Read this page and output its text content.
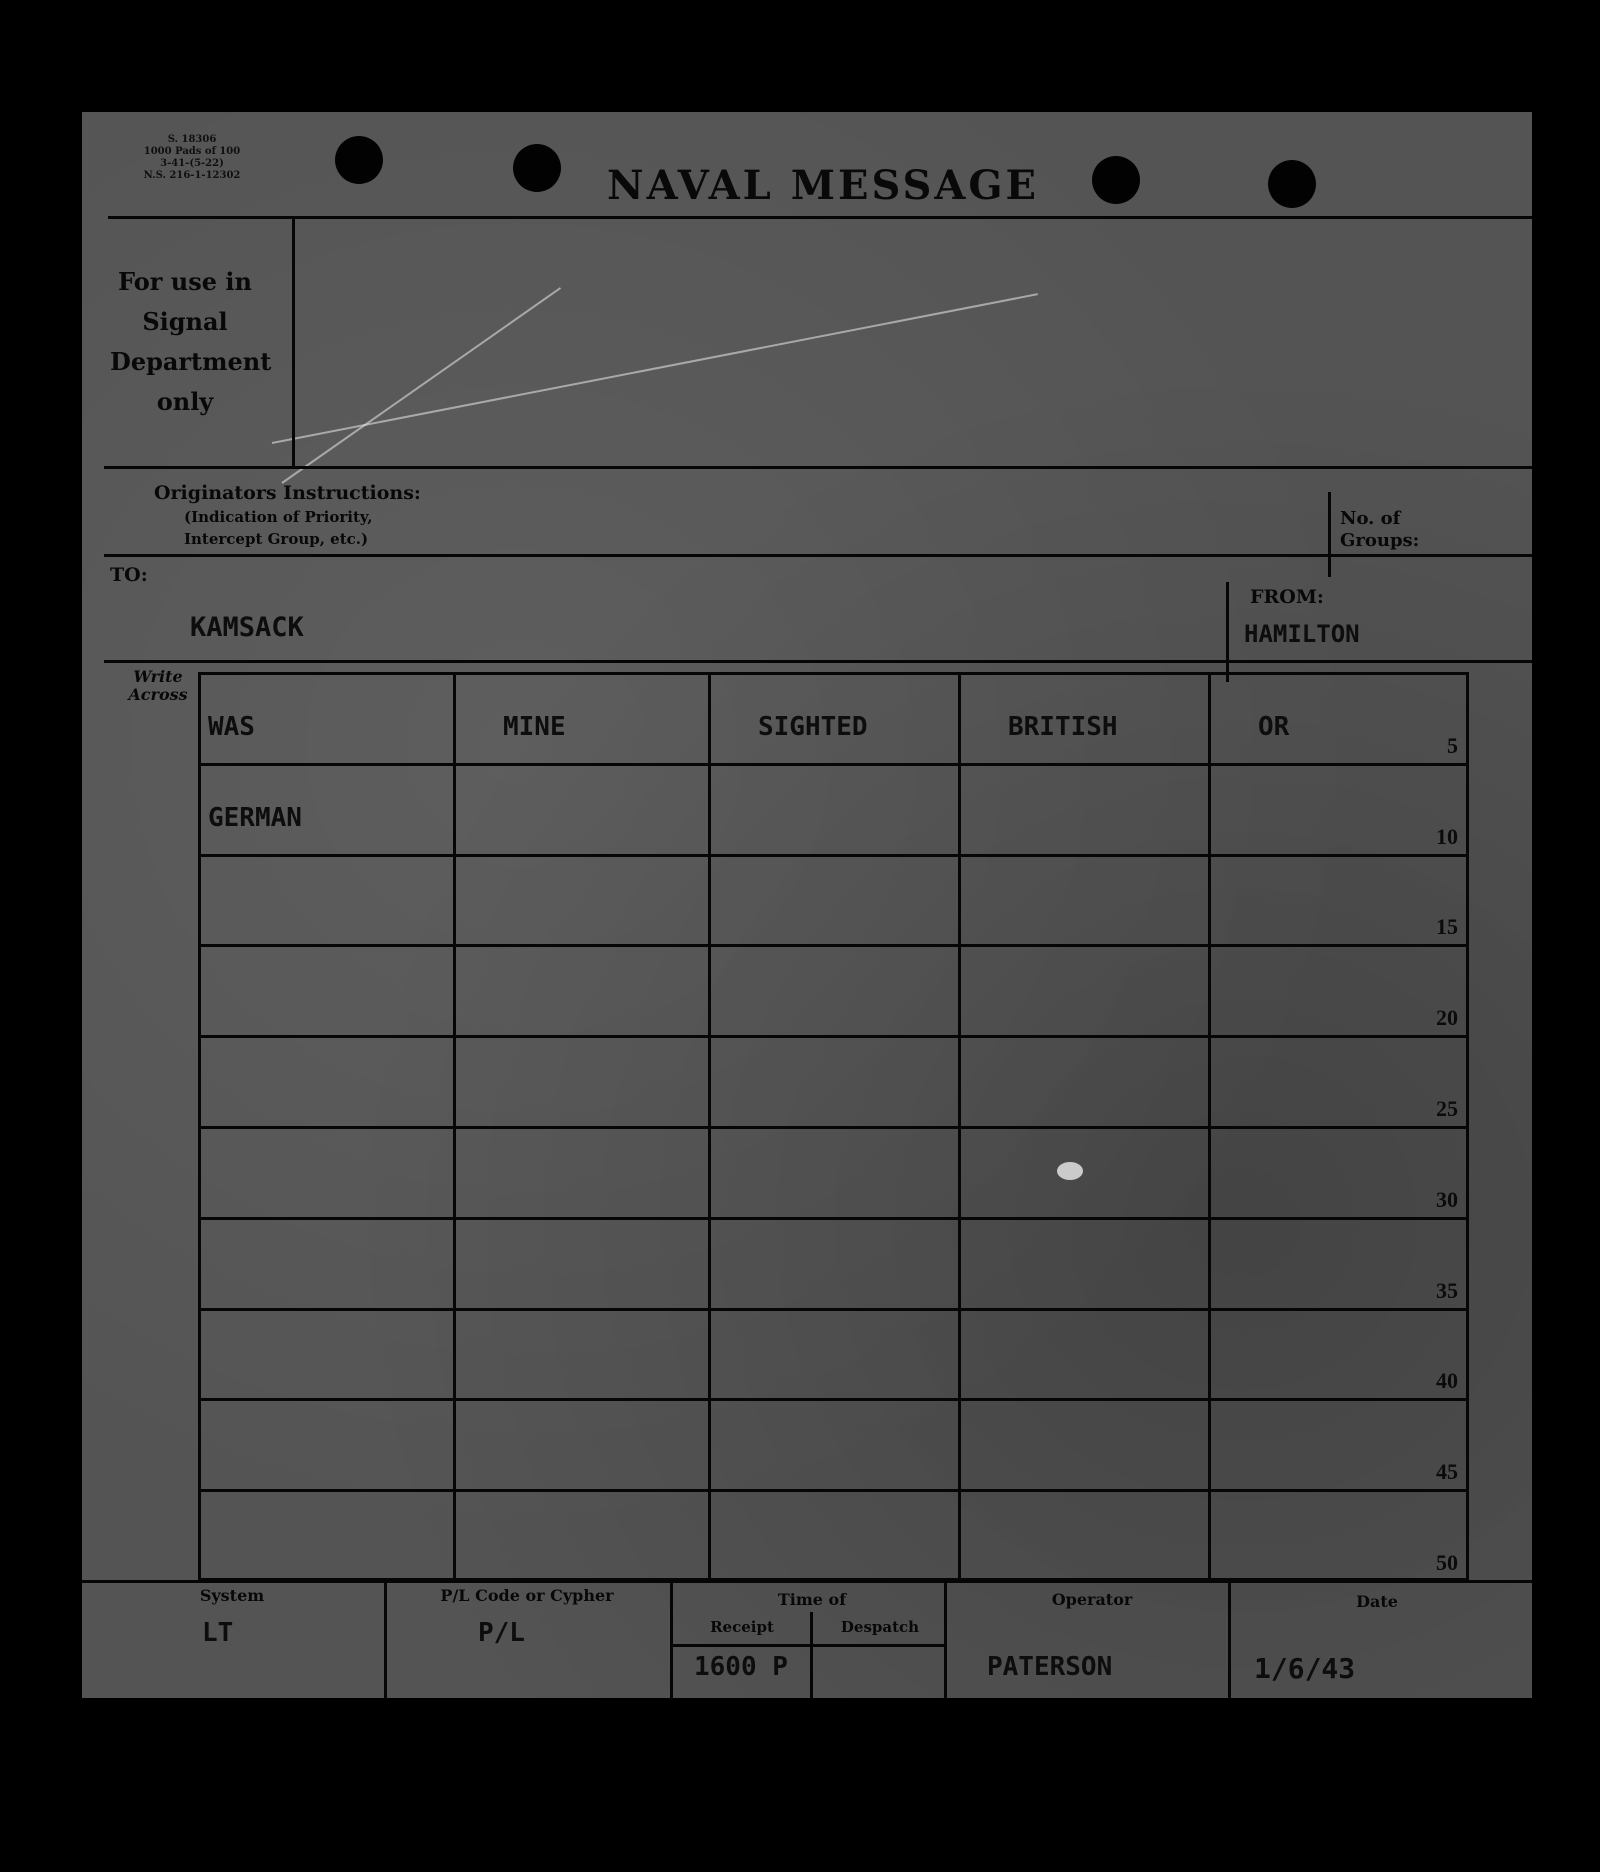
S. 18306
1000 Pads of 100
3-41-(5-22)
N.S. 216-1-12302	NAVAL MESSAGE
For use in Signal Department only
Originators Instructions:
(Indication of Priority,
Intercept Group, etc.)
No. of Groups:
TO:
KAMSACK
FROM:
HAMILTON
Write Across
WAS	MINE	SIGHTED	BRITISH	OR
5
GERMAN
10
15
20
25
30
35
40
45
50
System
LT
P/L Code or Cypher
P/L
Time of
Receipt	Despatch
1600 P
Operator
PATERSON
Date
1/6/43
